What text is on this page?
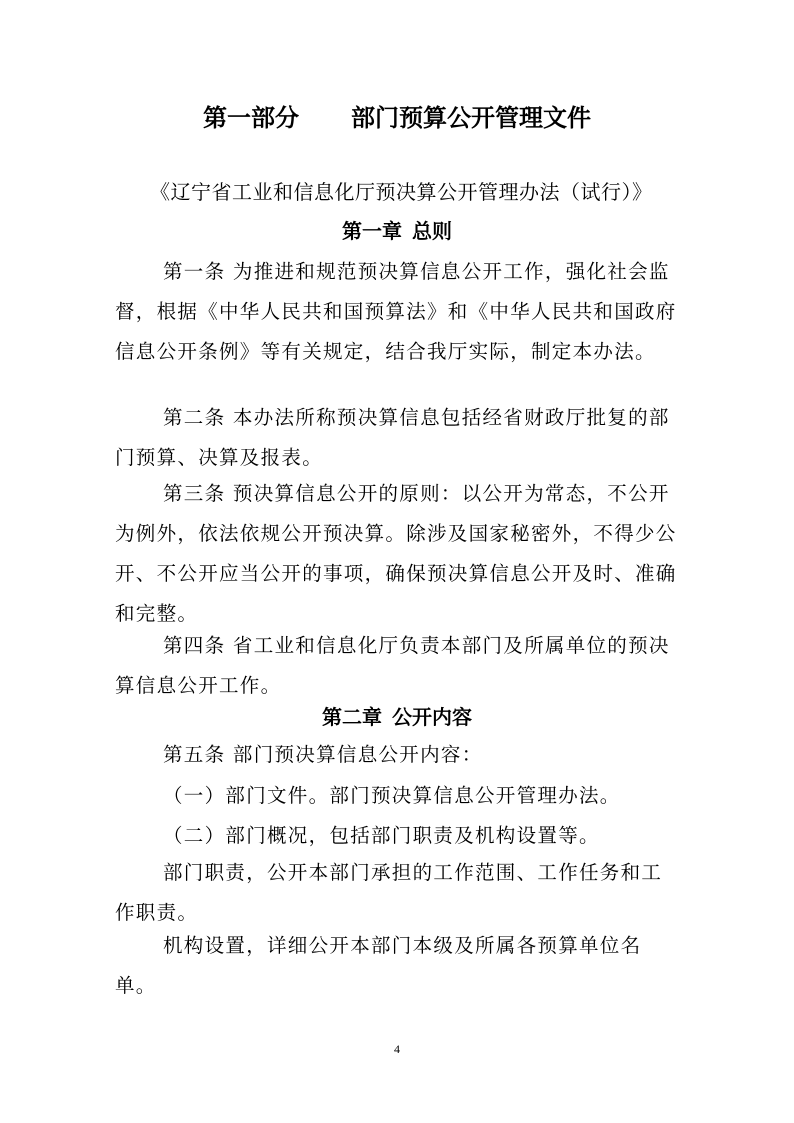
第一部分 部门预算公开管理文件
《辽宁省工业和信息化厅预决算公开管理办法（试行）》
第一章 总则
第一条 为推进和规范预决算信息公开工作，强化社会监督，根据《中华人民共和国预算法》和《中华人民共和国政府信息公开条例》等有关规定，结合我厅实际，制定本办法。
第二条 本办法所称预决算信息包括经省财政厅批复的部门预算、决算及报表。
第三条 预决算信息公开的原则：以公开为常态，不公开为例外，依法依规公开预决算。除涉及国家秘密外，不得少公开、不公开应当公开的事项，确保预决算信息公开及时、准确和完整。
第四条 省工业和信息化厅负责本部门及所属单位的预决算信息公开工作。
第二章 公开内容
第五条 部门预决算信息公开内容：
（一）部门文件。部门预决算信息公开管理办法。
（二）部门概况，包括部门职责及机构设置等。
部门职责，公开本部门承担的工作范围、工作任务和工作职责。
机构设置，详细公开本部门本级及所属各预算单位名单。
4
